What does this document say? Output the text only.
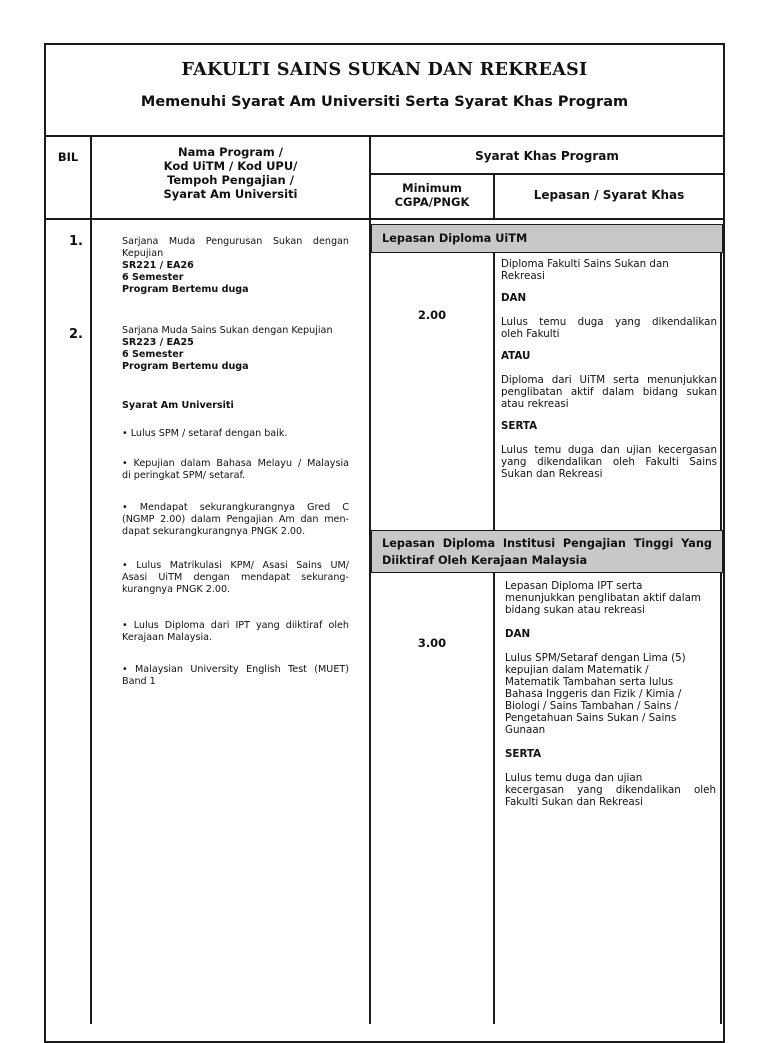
FAKULTI SAINS SUKAN DAN REKREASI
Memenuhi Syarat Am Universiti Serta Syarat Khas Program
BIL	Nama Program /
Kod UiTM / Kod UPU/
Tempoh Pengajian /
Syarat Am Universiti
Syarat Khas Program
Minimum
CGPA/PNGK	Lepasan / Syarat Khas
1.
2.

Sarjana Muda Pengurusan Sukan dengan

Kepujian

SR221 / EA26

6 Semester

Program Bertemu duga

Sarjana Muda Sains Sukan dengan Kepujian

SR223 / EA25

6 Semester

Program Bertemu duga

Syarat Am Universiti

• Lulus SPM / setaraf dengan baik.

• Kepujian dalam Bahasa Melayu / Malaysia

di peringkat SPM/ setaraf.

• Mendapat sekurangkurangnya Gred C

(NGMP 2.00) dalam Pengajian Am dan men-

dapat sekurangkurangnya PNGK 2.00.

• Lulus Matrikulasi KPM/ Asasi Sains UM/

Asasi UiTM dengan mendapat sekurang-

kurangnya PNGK 2.00.

• Lulus Diploma dari IPT yang diiktiraf oleh

Kerajaan Malaysia.

• Malaysian University English Test (MUET)

Band 1

Lepasan Diploma UiTM
2.00

Diploma Fakulti Sains Sukan dan

Rekreasi

DAN

Lulus temu duga yang dikendalikan

oleh Fakulti

ATAU

Diploma dari UiTM serta menunjukkan

penglibatan aktif dalam bidang sukan

atau rekreasi

SERTA

Lulus temu duga dan ujian kecergasan

yang dikendalikan oleh Fakulti Sains

Sukan dan Rekreasi

Lepasan Diploma Institusi Pengajian Tinggi Yang
Diiktiraf Oleh Kerajaan Malaysia
3.00

Lepasan Diploma IPT serta

menunjukkan penglibatan aktif dalam

bidang sukan atau rekreasi

DAN

Lulus SPM/Setaraf dengan Lima (5)

kepujian dalam Matematik /

Matematik Tambahan serta lulus

Bahasa Inggeris dan Fizik / Kimia /

Biologi / Sains Tambahan / Sains /

Pengetahuan Sains Sukan / Sains

Gunaan

SERTA

Lulus temu duga dan ujian

kecergasan yang dikendalikan oleh

Fakulti Sukan dan Rekreasi
